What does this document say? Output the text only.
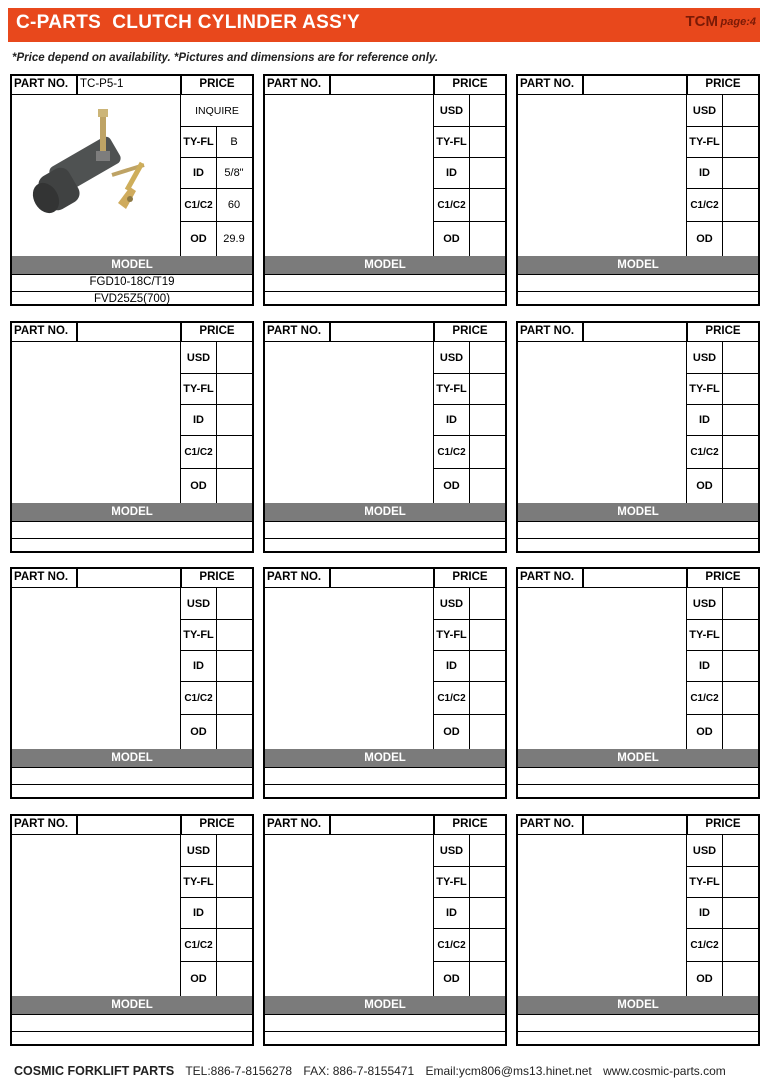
C-PARTS  CLUTCH CYLINDER ASS'Y	TCM page:4
*Price depend on availability. *Pictures and dimensions are for reference only.
PART NO. TC-P5-1	PRICE
INQUIRE
TY-FL	B
ID	5/8"
C1/C2	60
OD	29.9
MODEL
FGD10-18C/T19
FVD25Z5(700)
PART NO.	PRICE
USD
TY-FL
ID
C1/C2
OD
MODEL
PART NO.	PRICE
USD
TY-FL
ID
C1/C2
OD
MODEL
PART NO.	PRICE
USD
TY-FL
ID
C1/C2
OD
MODEL
PART NO.	PRICE
USD
TY-FL
ID
C1/C2
OD
MODEL
PART NO.	PRICE
USD
TY-FL
ID
C1/C2
OD
MODEL
PART NO.	PRICE
USD
TY-FL
ID
C1/C2
OD
MODEL
PART NO.	PRICE
USD
TY-FL
ID
C1/C2
OD
MODEL
PART NO.	PRICE
USD
TY-FL
ID
C1/C2
OD
MODEL
PART NO.	PRICE
USD
TY-FL
ID
C1/C2
OD
MODEL
PART NO.	PRICE
USD
TY-FL
ID
C1/C2
OD
MODEL
PART NO.	PRICE
USD
TY-FL
ID
C1/C2
OD
MODEL
COSMIC FORKLIFT PARTS TEL:886-7-8156278 FAX: 886-7-8155471 Email:ycm806@ms13.hinet.net www.cosmic-parts.com
